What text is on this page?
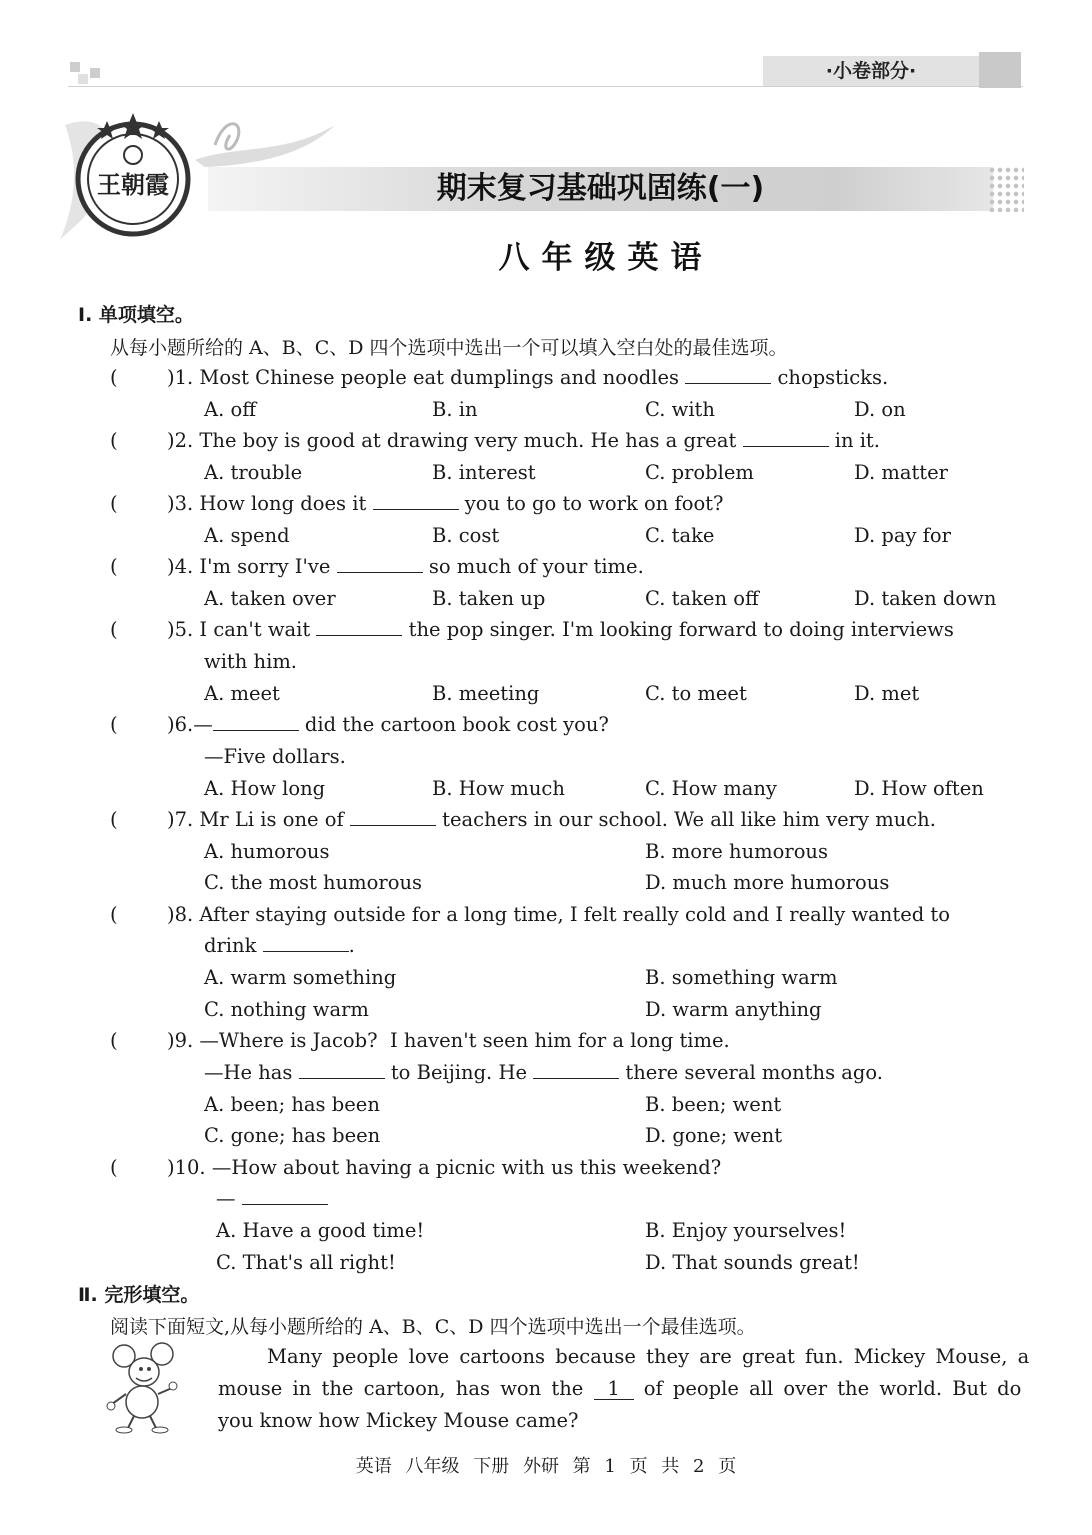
·小卷部分·
王朝霞	期末复习基础巩固练(一)
八年级英语
Ⅰ. 单项填空。
从每小题所给的 A、B、C、D 四个选项中选出一个可以填入空白处的最佳选项。
(	)1. Most Chinese people eat dumplings and noodles	chopsticks.
A. off	B. in	C. with	D. on
(	)2. The boy is good at drawing very much. He has a great	in it.
A. trouble	B. interest	C. problem	D. matter
(	)3. How long does it	you to go to work on foot?
A. spend	B. cost	C. take	D. pay for
(	)4. I'm sorry I've	so much of your time.
A. taken over	B. taken up	C. taken off	D. taken down
(	)5. I can't wait	the pop singer. I'm looking forward to doing interviews
with him.
A. meet	B. meeting	C. to meet	D. met
(	)6.—	did the cartoon book cost you?
—Five dollars.
A. How long	B. How much	C. How many	D. How often
(	)7. Mr Li is one of	teachers in our school. We all like him very much.
A. humorous	B. more humorous
C. the most humorous	D. much more humorous
(	)8. After staying outside for a long time, I felt really cold and I really wanted to
drink	.
A. warm something	B. something warm
C. nothing warm	D. warm anything
(	)9. —Where is Jacob?  I haven't seen him for a long time.
—He has	to Beijing. He	there several months ago.
A. been; has been	B. been; went
C. gone; has been	D. gone; went
(	)10. —How about having a picnic with us this weekend?
—
A. Have a good time!	B. Enjoy yourselves!
C. That's all right!	D. That sounds great!
Ⅱ. 完形填空。
阅读下面短文,从每小题所给的 A、B、C、D 四个选项中选出一个最佳选项。
Many people love cartoons because they are great fun. Mickey Mouse, a
mouse in the cartoon, has won the 1 of people all over the world. But do
you know how Mickey Mouse came?
英语 八年级 下册 外研 第 1 页 共 2 页
